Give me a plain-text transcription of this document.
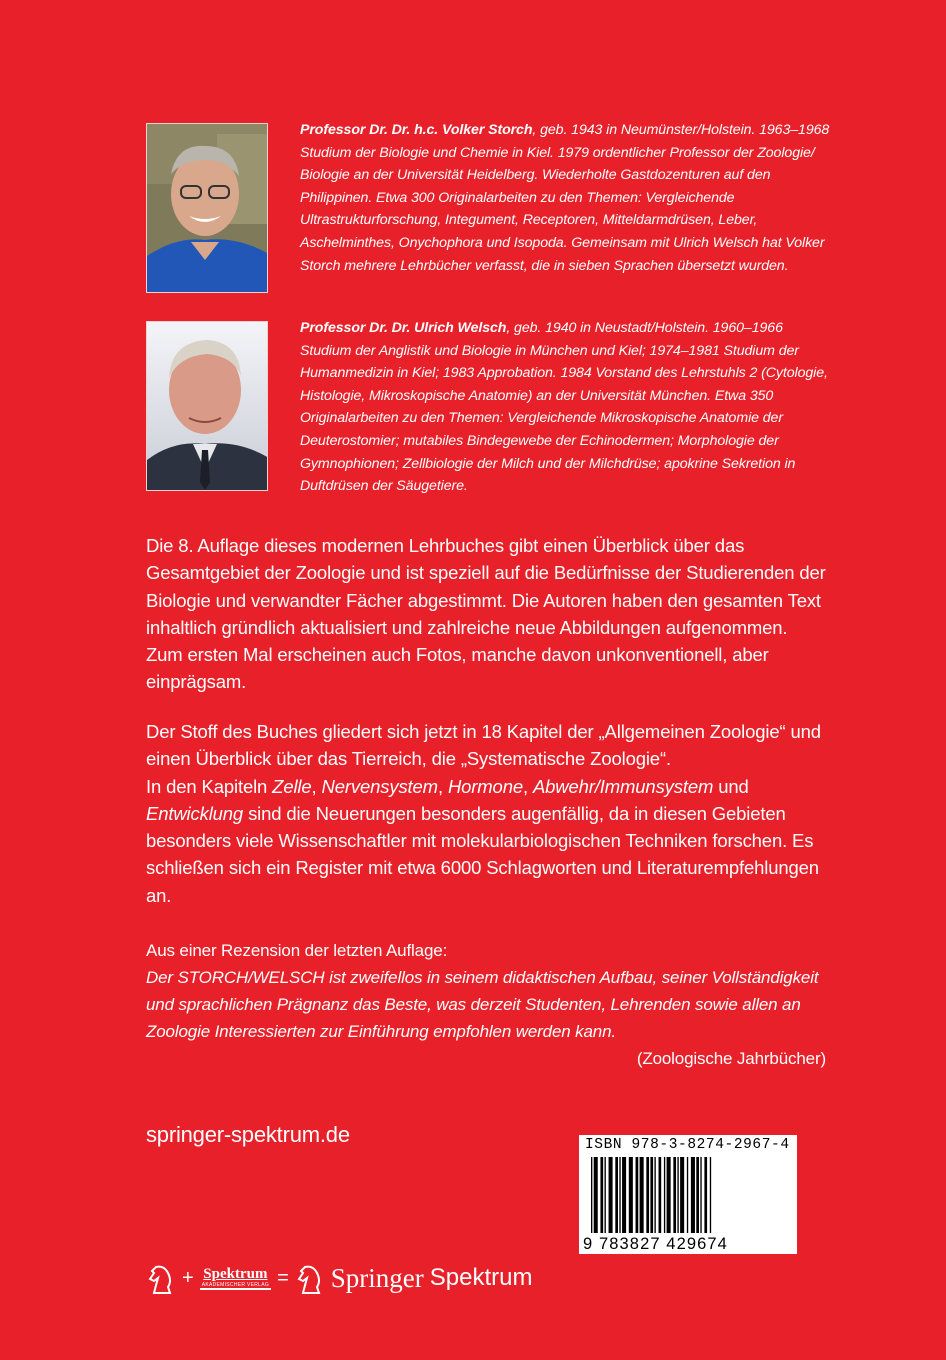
Professor Dr. Dr. h.c. Volker Storch, geb. 1943 in Neumünster/Holstein. 1963–1968 Studium der Biologie und Chemie in Kiel. 1979 ordentlicher Professor der Zoologie/ Biologie an der Universität Heidelberg. Wiederholte Gastdozenturen auf den Philippinen. Etwa 300 Originalarbeiten zu den Themen: Vergleichende Ultrastrukturforschung, Integument, Receptoren, Mitteldarmdrüsen, Leber, Aschelminthes, Onychophora und Isopoda. Gemeinsam mit Ulrich Welsch hat Volker Storch mehrere Lehrbücher verfasst, die in sieben Sprachen übersetzt wurden.
Professor Dr. Dr. Ulrich Welsch, geb. 1940 in Neustadt/Holstein. 1960–1966 Studium der Anglistik und Biologie in München und Kiel; 1974–1981 Studium der Humanmedizin in Kiel; 1983 Approbation. 1984 Vorstand des Lehrstuhls 2 (Cytologie, Histologie, Mikroskopische Anatomie) an der Universität München. Etwa 350 Originalarbeiten zu den Themen: Vergleichende Mikroskopische Anatomie der Deuterostomier; mutabiles Bindegewebe der Echinodermen; Morphologie der Gymnophionen; Zellbiologie der Milch und der Milchdrüse; apokrine Sekretion in Duftdrüsen der Säugetiere.
Die 8. Auflage dieses modernen Lehrbuches gibt einen Überblick über das Gesamtgebiet der Zoologie und ist speziell auf die Bedürfnisse der Studierenden der Biologie und verwandter Fächer abgestimmt. Die Autoren haben den gesamten Text inhaltlich gründlich aktualisiert und zahlreiche neue Abbildungen aufgenommen. Zum ersten Mal erscheinen auch Fotos, manche davon unkonventionell, aber einprägsam.
Der Stoff des Buches gliedert sich jetzt in 18 Kapitel der „Allgemeinen Zoologie“ und einen Überblick über das Tierreich, die „Systematische Zoologie“.
In den Kapiteln Zelle, Nervensystem, Hormone, Abwehr/Immunsystem und Entwicklung sind die Neuerungen besonders augenfällig, da in diesen Gebieten besonders viele Wissenschaftler mit molekularbiologischen Techniken forschen. Es schließen sich ein Register mit etwa 6000 Schlagworten und Literaturempfehlungen an.
Aus einer Rezension der letzten Auflage:
Der STORCH/WELSCH ist zweifellos in seinem didaktischen Aufbau, seiner Vollständigkeit und sprachlichen Prägnanz das Beste, was derzeit Studenten, Lehrenden sowie allen an Zoologie Interessierten zur Einführung empfohlen werden kann.
(Zoologische Jahrbücher)
springer-spektrum.de	ISBN 978-3-8274-2967-4
9 783827 429674
+ Spektrum
AKADEMISCHER VERLAG = Springer Spektrum
